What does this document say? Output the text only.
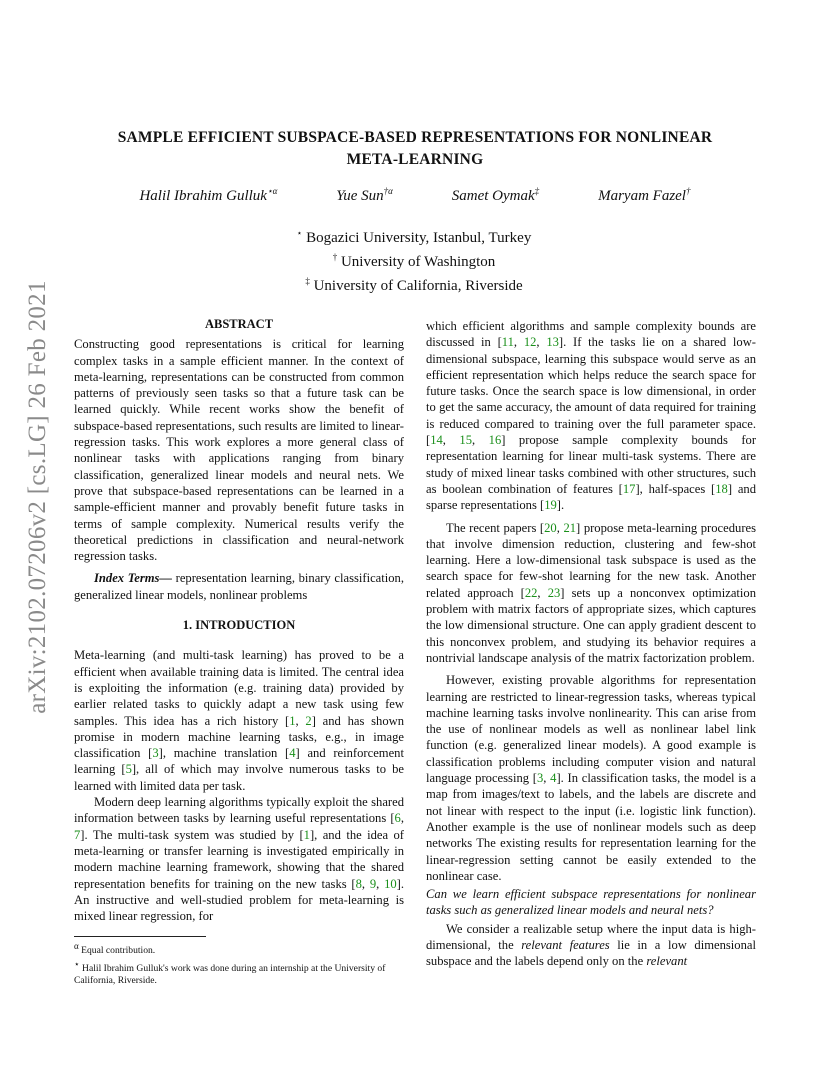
arXiv:2102.07206v2 [cs.LG] 26 Feb 2021
SAMPLE EFFICIENT SUBSPACE-BASED REPRESENTATIONS FOR NONLINEAR
META-LEARNING
Halil Ibrahim Gulluk$^{⋆\alpha}$	Yue Sun$^{\dagger\alpha}$	Samet Oymak‡	Maryam Fazel†
⋆ Bogazici University, Istanbul, Turkey
† University of Washington
‡ University of California, Riverside
ABSTRACT

Constructing good representations is critical for learning complex tasks in a sample efficient manner. In the context of meta-learning, representations can be constructed from common patterns of previously seen tasks so that a future task can be learned quickly. While recent works show the benefit of subspace-based representations, such results are limited to linear-regression tasks. This work explores a more general class of nonlinear tasks with applications ranging from binary classification, generalized linear models and neural nets. We prove that subspace-based representations can be learned in a sample-efficient manner and provably benefit future tasks in terms of sample complexity. Numerical results verify the theoretical predictions in classification and neural-network regression tasks.

Index Terms— representation learning, binary classification, generalized linear models, nonlinear problems

1. INTRODUCTION

Meta-learning (and multi-task learning) has proved to be a efficient when available training data is limited. The central idea is exploiting the information (e.g. training data) provided by earlier related tasks to quickly adapt a new task using few samples. This idea has a rich history [1, 2] and has shown promise in modern machine learning tasks, e.g., in image classification [3], machine translation [4] and reinforcement learning [5], all of which may involve numerous tasks to be learned with limited data per task.

Modern deep learning algorithms typically exploit the shared information between tasks by learning useful representations [6, 7]. The multi-task system was studied by [1], and the idea of meta-learning or transfer learning is investigated empirically in modern machine learning framework, showing that the shared representation benefits for training on the new tasks [8, 9, 10]. An instructive and well-studied problem for meta-learning is mixed linear regression, for

$^\alpha$ Equal contribution.
⋆ Halil Ibrahim Gulluk's work was done during an internship at the University of California, Riverside.

which efficient algorithms and sample complexity bounds are discussed in [11, 12, 13]. If the tasks lie on a shared low-dimensional subspace, learning this subspace would serve as an efficient representation which helps reduce the search space for future tasks. Once the search space is low dimensional, in order to get the same accuracy, the amount of data required for training is reduced compared to training over the full parameter space. [14, 15, 16] propose sample complexity bounds for representation learning for linear multi-task systems. There are study of mixed linear tasks combined with other structures, such as boolean combination of features [17], half-spaces [18] and sparse representations [19].

The recent papers [20, 21] propose meta-learning procedures that involve dimension reduction, clustering and few-shot learning. Here a low-dimensional task subspace is used as the search space for few-shot learning for the new task. Another related approach [22, 23] sets up a nonconvex optimization problem with matrix factors of appropriate sizes, which captures the low dimensional structure. One can apply gradient descent to this nonconvex problem, and studying its behavior requires a nontrivial landscape analysis of the matrix factorization problem.

However, existing provable algorithms for representation learning are restricted to linear-regression tasks, whereas typical machine learning tasks involve nonlinearity. This can arise from the use of nonlinear models as well as nonlinear label link function (e.g. generalized linear models). A good example is classification problems including computer vision and natural language processing [3, 4]. In classification tasks, the model is a map from images/text to labels, and the labels are discrete and not linear with respect to the input (i.e. logistic link function). Another example is the use of nonlinear models such as deep networks The existing results for representation learning for the linear-regression setting cannot be easily extended to the nonlinear case.

Can we learn efficient subspace representations for nonlinear tasks such as generalized linear models and neural nets?

We consider a realizable setup where the input data is high-dimensional, the relevant features lie in a low dimensional subspace and the labels depend only on the relevant
